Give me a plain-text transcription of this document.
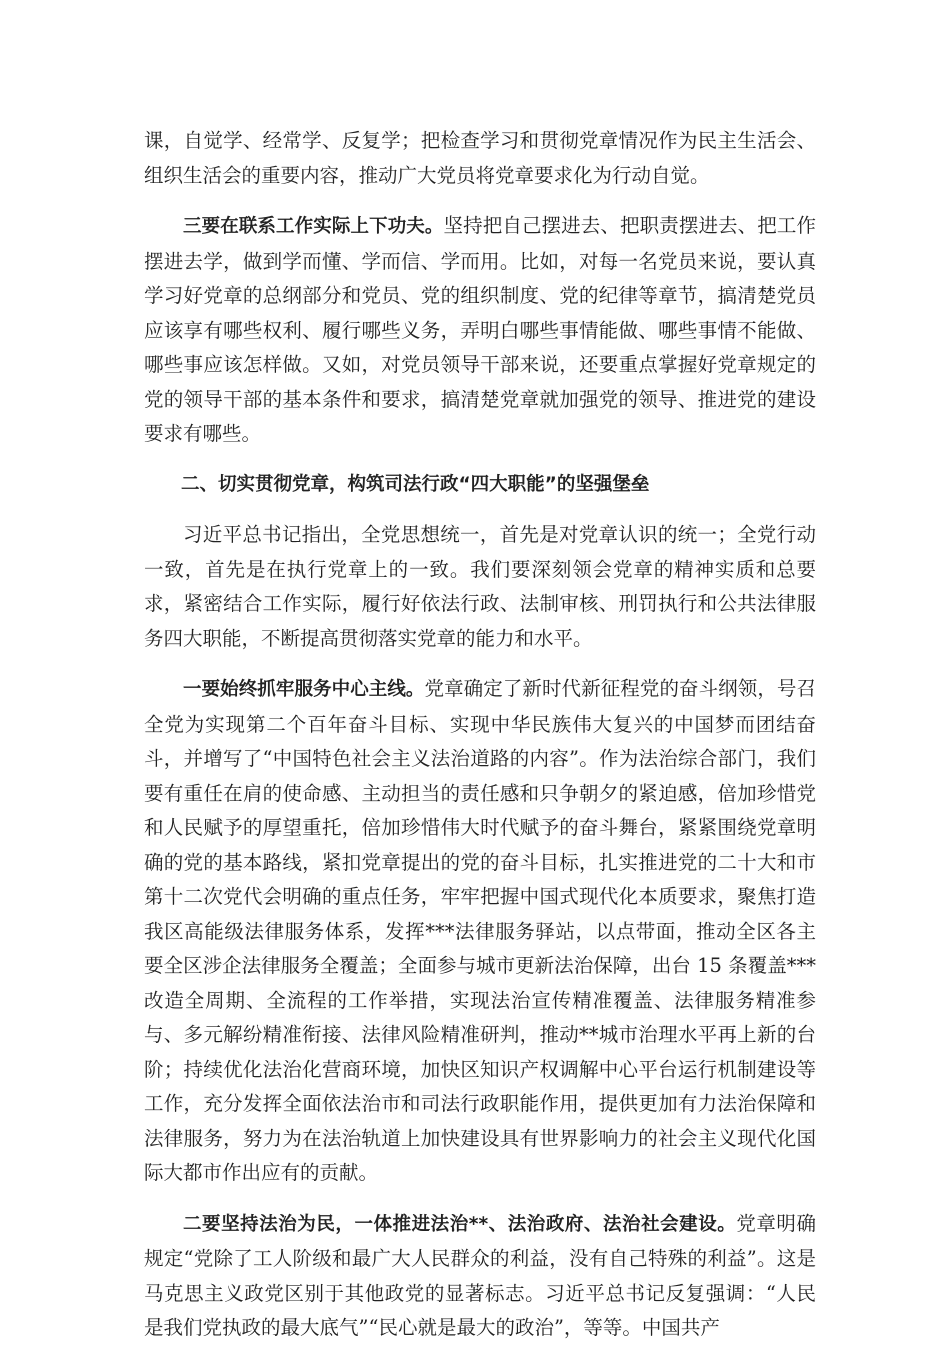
课，自觉学、经常学、反复学；把检查学习和贯彻党章情况作为民主生活会、组织生活会的重要内容，推动广大党员将党章要求化为行动自觉。

三要在联系工作实际上下功夫。坚持把自己摆进去、把职责摆进去、把工作摆进去学，做到学而懂、学而信、学而用。比如，对每一名党员来说，要认真学习好党章的总纲部分和党员、党的组织制度、党的纪律等章节，搞清楚党员应该享有哪些权利、履行哪些义务，弄明白哪些事情能做、哪些事情不能做、哪些事应该怎样做。又如，对党员领导干部来说，还要重点掌握好党章规定的党的领导干部的基本条件和要求，搞清楚党章就加强党的领导、推进党的建设要求有哪些。

二、切实贯彻党章，构筑司法行政“四大职能”的坚强堡垒

习近平总书记指出，全党思想统一，首先是对党章认识的统一；全党行动一致，首先是在执行党章上的一致。我们要深刻领会党章的精神实质和总要求，紧密结合工作实际，履行好依法行政、法制审核、刑罚执行和公共法律服务四大职能，不断提高贯彻落实党章的能力和水平。

一要始终抓牢服务中心主线。党章确定了新时代新征程党的奋斗纲领，号召全党为实现第二个百年奋斗目标、实现中华民族伟大复兴的中国梦而团结奋斗，并增写了“中国特色社会主义法治道路的内容”。作为法治综合部门，我们要有重任在肩的使命感、主动担当的责任感和只争朝夕的紧迫感，倍加珍惜党和人民赋予的厚望重托，倍加珍惜伟大时代赋予的奋斗舞台，紧紧围绕党章明确的党的基本路线，紧扣党章提出的党的奋斗目标，扎实推进党的二十大和市第十二次党代会明确的重点任务，牢牢把握中国式现代化本质要求，聚焦打造我区高能级法律服务体系，发挥***法律服务驿站，以点带面，推动全区各主要全区涉企法律服务全覆盖；全面参与城市更新法治保障，出台 15 条覆盖***改造全周期、全流程的工作举措，实现法治宣传精准覆盖、法律服务精准参与、多元解纷精准衔接、法律风险精准研判，推动**城市治理水平再上新的台阶；持续优化法治化营商环境，加快区知识产权调解中心平台运行机制建设等工作，充分发挥全面依法治市和司法行政职能作用，提供更加有力法治保障和法律服务，努力为在法治轨道上加快建设具有世界影响力的社会主义现代化国际大都市作出应有的贡献。

二要坚持法治为民，一体推进法治**、法治政府、法治社会建设。党章明确规定“党除了工人阶级和最广大人民群众的利益，没有自己特殊的利益”。这是马克思主义政党区别于其他政党的显著标志。习近平总书记反复强调：“人民是我们党执政的最大底气”“民心就是最大的政治”，等等。中国共产
